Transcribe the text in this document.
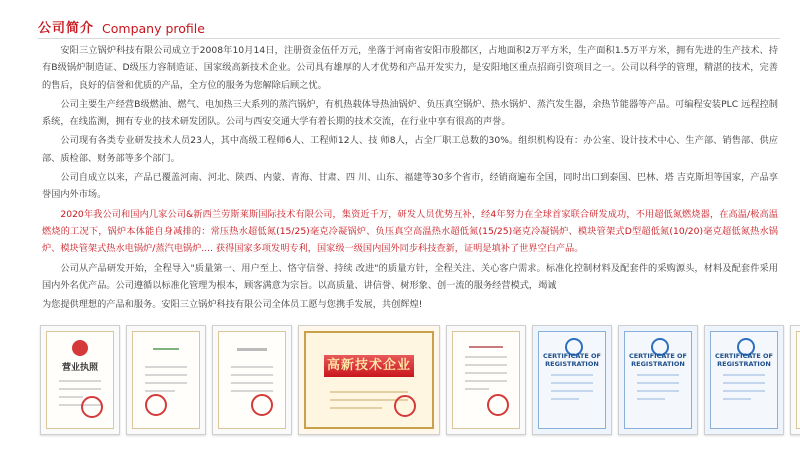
公司简介 Company profile

安阳三立锅炉科技有限公司成立于2008年10月14日，注册资金伍仟万元，坐落于河南省安阳市殷都区，占地面积2万平方米，生产面积1.5万平方米，拥有先进的生产技术、持有B级锅炉制造证、D级压力容制造证、国家级高新技术企业。公司具有雄厚的人才优势和产品开发实力，是安阳地区重点招商引资项目之一。公司以科学的管理，精湛的技术，完善的售后，良好的信誉和优质的产品，全方位的服务为您解除后顾之忧。

公司主要生产经营B级燃油、燃气、电加热三大系列的蒸汽锅炉，有机热载体导热油锅炉、负压真空锅炉、热水锅炉、蒸汽发生器，余热节能器等产品。可编程安装PLC 远程控制系统，在线监测，拥有专业的技术研发团队。公司与西安交通大学有着长期的技术交流，在行业中享有很高的声誉。

公司现有各类专业研发技术人员23人，其中高级工程师6人、工程师12人、技 师8人，占全厂职工总数的30%。组织机构设有：办公室、设计技术中心、生产部、销售部、供应部、质检部、财务部等多个部门。

公司自成立以来，产品已覆盖河南、河北、陕西、内蒙、青海、甘肃、四 川、山东、福建等30多个省市，经销商遍布全国，同时出口到泰国、巴林、塔 吉克斯坦等国家，产品享誉国内外市场。

2020年我公司和国内几家公司&新西兰劳斯莱斯国际技术有限公司，集资近千万，研发人员优势互补，经4年努力在全球首家联合研发成功，不用超低氮燃烧器，在高温/极高温燃烧的工况下，锅炉本体能自身减排的：常压热水超低氮(15/25)毫克冷凝锅炉、负压真空高温热水超低氮(15/25)毫克冷凝锅炉、模块管架式D型超低氮(10/20)毫克超低氮热水锅炉、模块管架式热水电锅炉/蒸汽电锅炉.... 获得国家多项发明专利，国家级一级国内国外同步科技查新，证明是填补了世界空白产品。

公司从产品研发开始，全程导入"质量第一、用户至上、恪守信誉、持续 改进"的质量方针，全程关注、关心客户需求。标准化控制材料及配套件的采购源头，材料及配套件采用国内外名优产品。公司遵循以标准化管理为根本，顾客满意为宗旨。以高质量、讲信誉、树形象、创一流的服务经营模式，竭诚

为您提供理想的产品和服务。安阳三立锅炉科技有限公司全体员工愿与您携手发展，共创辉煌!

营业执照	高新技术企业
CERTIFICATE OF REGISTRATION
CERTIFICATE OF REGISTRATION
CERTIFICATE OF REGISTRATION
